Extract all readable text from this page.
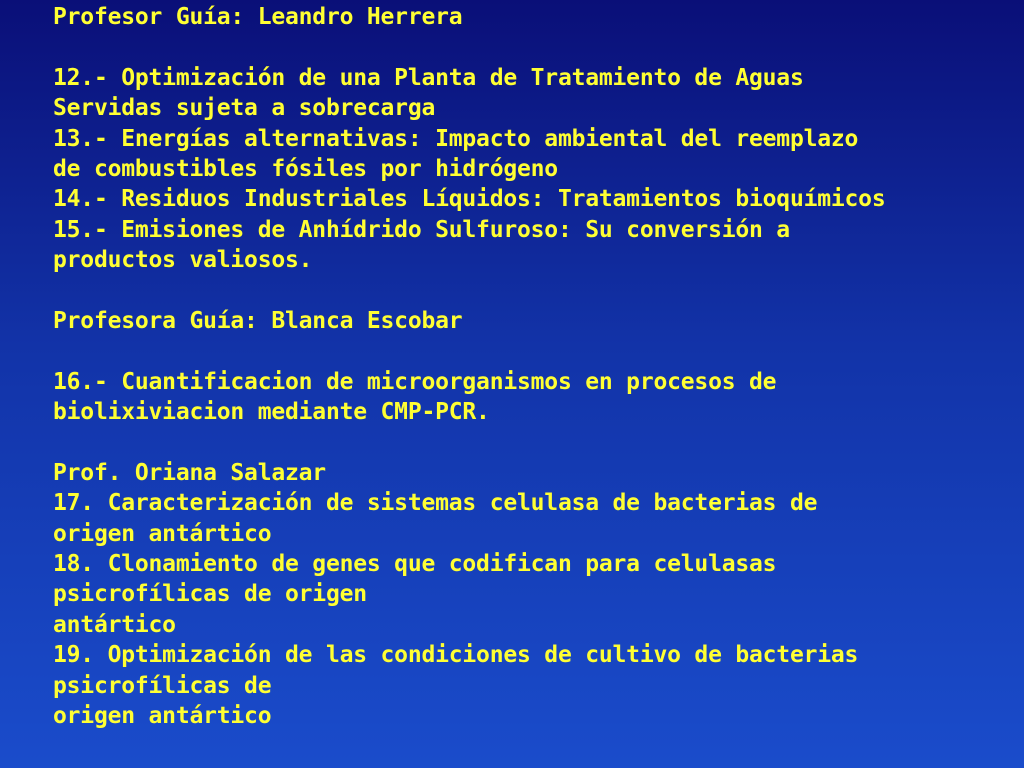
Profesor Guía: Leandro Herrera
12.- Optimización de una Planta de Tratamiento de Aguas
Servidas sujeta a sobrecarga
13.- Energías alternativas: Impacto ambiental del reemplazo
de combustibles fósiles por hidrógeno
14.- Residuos Industriales Líquidos: Tratamientos bioquímicos
15.- Emisiones de Anhídrido Sulfuroso: Su conversión a
productos valiosos.
Profesora Guía: Blanca Escobar
16.- Cuantificacion de microorganismos en procesos de
biolixiviacion mediante CMP-PCR.
Prof. Oriana Salazar
17. Caracterización de sistemas celulasa de bacterias de
origen antártico
18. Clonamiento de genes que codifican para celulasas
psicrofílicas de origen
antártico
19. Optimización de las condiciones de cultivo de bacterias
psicrofílicas de
origen antártico
